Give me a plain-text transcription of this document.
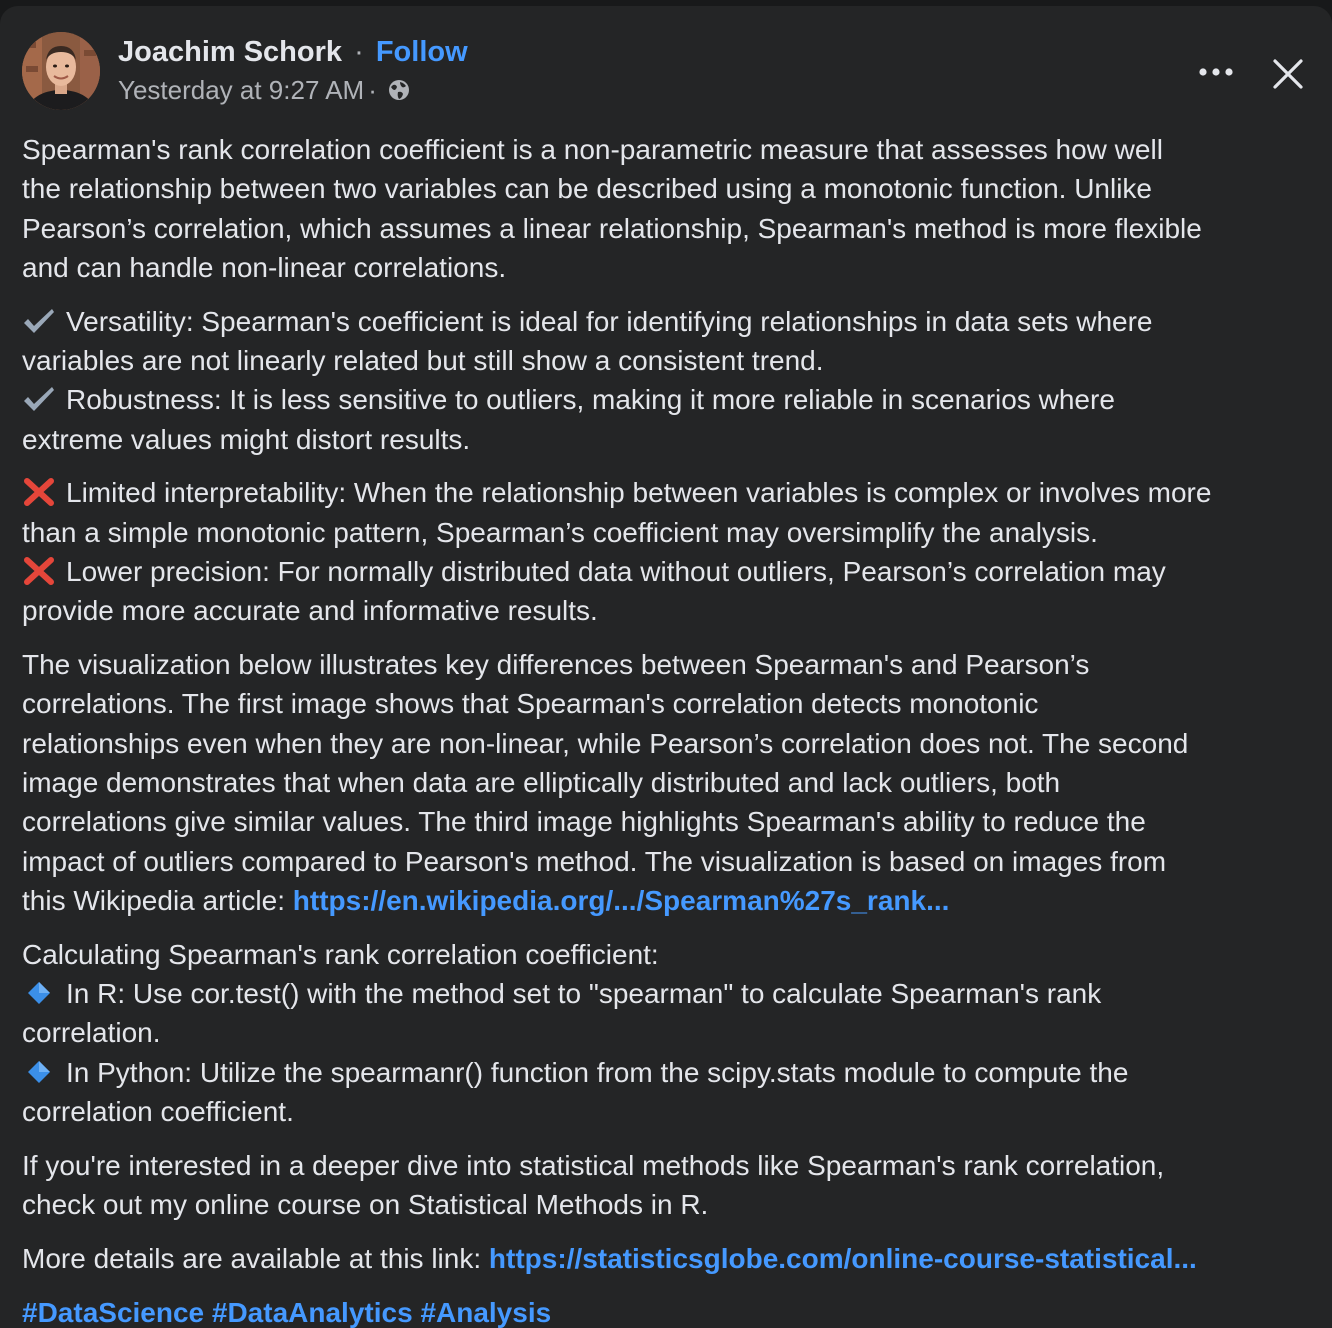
Joachim Schork · Follow
Yesterday at 9:27 AM ·

Spearman's rank correlation coefficient is a non-parametric measure that assesses how well
the relationship between two variables can be described using a monotonic function. Unlike
Pearson’s correlation, which assumes a linear relationship, Spearman's method is more flexible
and can handle non-linear correlations.

Versatility: Spearman's coefficient is ideal for identifying relationships in data sets where
variables are not linearly related but still show a consistent trend.
Robustness: It is less sensitive to outliers, making it more reliable in scenarios where
extreme values might distort results.

Limited interpretability: When the relationship between variables is complex or involves more
than a simple monotonic pattern, Spearman’s coefficient may oversimplify the analysis.
Lower precision: For normally distributed data without outliers, Pearson’s correlation may
provide more accurate and informative results.

The visualization below illustrates key differences between Spearman's and Pearson’s
correlations. The first image shows that Spearman's correlation detects monotonic
relationships even when they are non-linear, while Pearson’s correlation does not. The second
image demonstrates that when data are elliptically distributed and lack outliers, both
correlations give similar values. The third image highlights Spearman's ability to reduce the
impact of outliers compared to Pearson's method. The visualization is based on images from
this Wikipedia article: https://en.wikipedia.org/.../Spearman%27s_rank...

Calculating Spearman's rank correlation coefficient:
In R: Use cor.test() with the method set to "spearman" to calculate Spearman's rank
correlation.
In Python: Utilize the spearmanr() function from the scipy.stats module to compute the
correlation coefficient.

If you're interested in a deeper dive into statistical methods like Spearman's rank correlation,
check out my online course on Statistical Methods in R.

More details are available at this link: https://statisticsglobe.com/online-course-statistical...

#DataScience #DataAnalytics #Analysis
